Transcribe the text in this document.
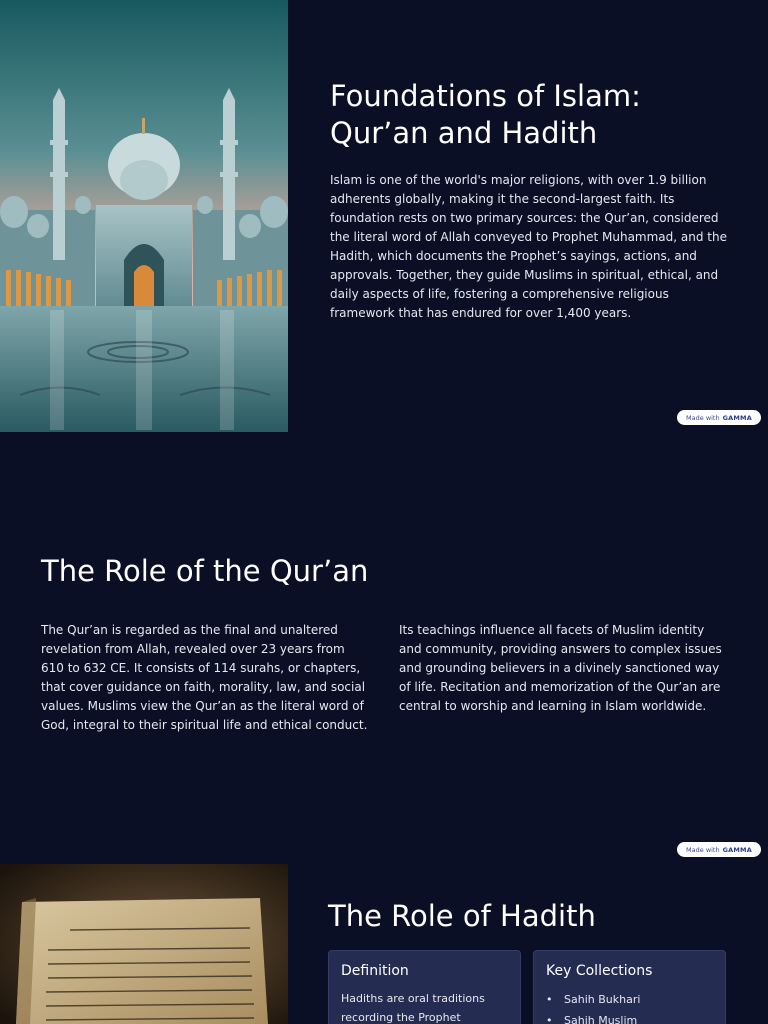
Foundations of Islam: Qur’an and Hadith

Islam is one of the world's major religions, with over 1.9 billion adherents globally, making it the second-largest faith. Its foundation rests on two primary sources: the Qur’an, considered the literal word of Allah conveyed to Prophet Muhammad, and the Hadith, which documents the Prophet’s sayings, actions, and approvals. Together, they guide Muslims in spiritual, ethical, and daily aspects of life, fostering a comprehensive religious framework that has endured for over 1,400 years.

Made with GAMMA
The Role of the Qur’an

The Qur’an is regarded as the final and unaltered revelation from Allah, revealed over 23 years from 610 to 632 CE. It consists of 114 surahs, or chapters, that cover guidance on faith, morality, law, and social values. Muslims view the Qur’an as the literal word of God, integral to their spiritual life and ethical conduct.

Its teachings influence all facets of Muslim identity and community, providing answers to complex issues and grounding believers in a divinely sanctioned way of life. Recitation and memorization of the Qur’an are central to worship and learning in Islam worldwide.

Made with GAMMA
The Role of Hadith
Definition

Hadiths are oral traditions recording the Prophet

Key Collections
• Sahih Bukhari
• Sahih Muslim
